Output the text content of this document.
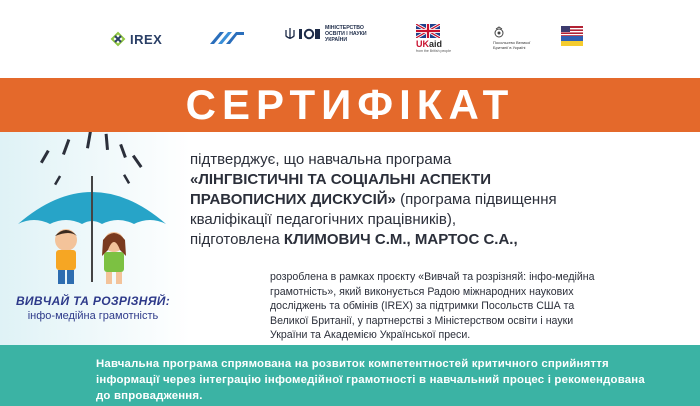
IREX
МІНІСТЕРСТВО ОСВІТИ І НАУКИ УКРАЇНИ	UKaid
from the British people
Посольство Великої Британії в Україні
СЕРТИФІКАТ
ВИВЧАЙ ТА РОЗРІЗНЯЙ:
інфо-медійна грамотність
підтверджує, що навчальна програма
«ЛІНГВІСТИЧНІ ТА СОЦІАЛЬНІ АСПЕКТИ
ПРАВОПИСНИХ ДИСКУСІЙ» (програма підвищення
кваліфікації педагогічних працівників),
підготовлена КЛИМОВИЧ С.М., МАРТОС С.А.,
розроблена в рамках проєкту «Вивчай та розрізняй: інфо-медійна грамотність», який виконується Радою міжнародних наукових досліджень та обмінів (IREX) за підтримки Посольств США та Великої Британії, у партнерстві з Міністерством освіти і науки України та Академією Української преси.

Навчальна програма спрямована на розвиток компетентностей критичного сприйняття інформації через інтеграцію інфомедійної грамотності в навчальний процес і рекомендована до впровадження.
